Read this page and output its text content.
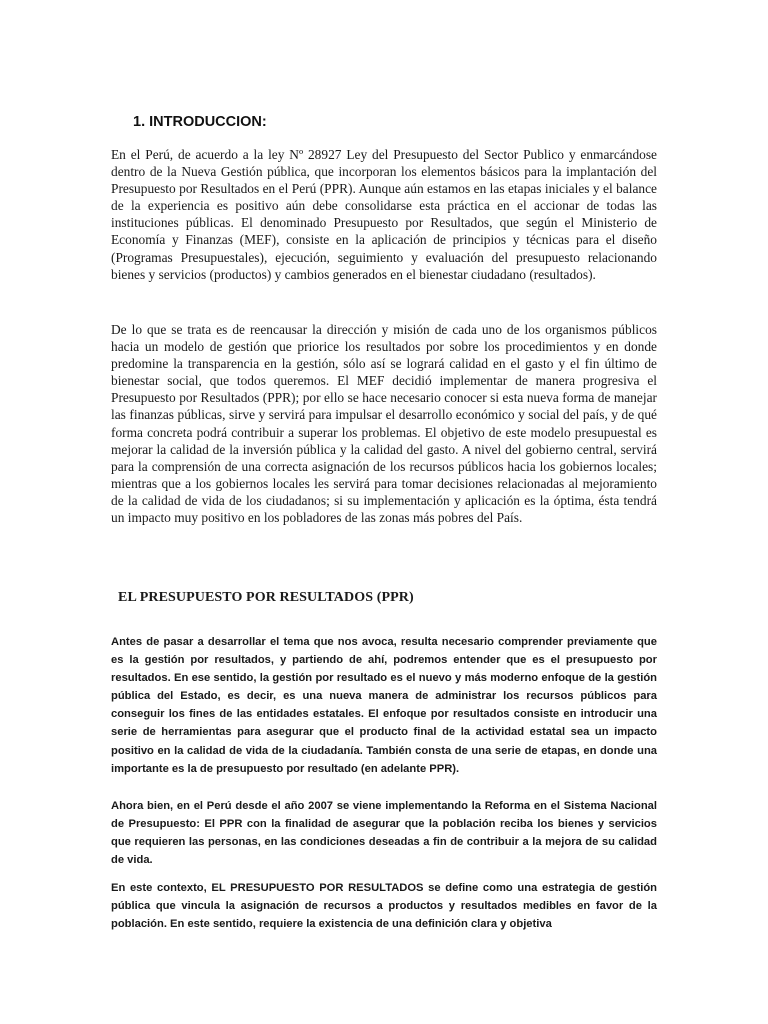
1. INTRODUCCION:

En el Perú, de acuerdo a la ley Nº 28927 Ley del Presupuesto del Sector Publico y enmarcándose dentro de la Nueva Gestión pública, que incorporan los elementos básicos para la implantación del Presupuesto por Resultados en el Perú (PPR). Aunque aún estamos en las etapas iniciales y el balance de la experiencia es positivo aún debe consolidarse esta práctica en el accionar de todas las instituciones públicas. El denominado Presupuesto por Resultados, que según el Ministerio de Economía y Finanzas (MEF), consiste en la aplicación de principios y técnicas para el diseño (Programas Presupuestales), ejecución, seguimiento y evaluación del presupuesto relacionando bienes y servicios (productos) y cambios generados en el bienestar ciudadano (resultados).

De lo que se trata es de reencausar la dirección y misión de cada uno de los organismos públicos hacia un modelo de gestión que priorice los resultados por sobre los procedimientos y en donde predomine la transparencia en la gestión, sólo así se logrará calidad en el gasto y el fin último de bienestar social, que todos queremos. El MEF decidió implementar de manera progresiva el Presupuesto por Resultados (PPR); por ello se hace necesario conocer si esta nueva forma de manejar las finanzas públicas, sirve y servirá para impulsar el desarrollo económico y social del país, y de qué forma concreta podrá contribuir a superar los problemas. El objetivo de este modelo presupuestal es mejorar la calidad de la inversión pública y la calidad del gasto. A nivel del gobierno central, servirá para la comprensión de una correcta asignación de los recursos públicos hacia los gobiernos locales; mientras que a los gobiernos locales les servirá para tomar decisiones relacionadas al mejoramiento de la calidad de vida de los ciudadanos; si su implementación y aplicación es la óptima, ésta tendrá un impacto muy positivo en los pobladores de las zonas más pobres del País.

EL PRESUPUESTO POR RESULTADOS (PPR)

Antes de pasar a desarrollar el tema que nos avoca, resulta necesario comprender previamente que es la gestión por resultados, y partiendo de ahí, podremos entender que es el presupuesto por resultados. En ese sentido, la gestión por resultado es el nuevo y más moderno enfoque de la gestión pública del Estado, es decir, es una nueva manera de administrar los recursos públicos para conseguir los fines de las entidades estatales. El enfoque por resultados consiste en introducir una serie de herramientas para asegurar que el producto final de la actividad estatal sea un impacto positivo en la calidad de vida de la ciudadanía. También consta de una serie de etapas, en donde una importante es la de presupuesto por resultado (en adelante PPR).

Ahora bien, en el Perú desde el año 2007 se viene implementando la Reforma en el Sistema Nacional de Presupuesto: El PPR con la finalidad de asegurar que la población reciba los bienes y servicios que requieren las personas, en las condiciones deseadas a fin de contribuir a la mejora de su calidad de vida.

En este contexto, EL PRESUPUESTO POR RESULTADOS se define como una estrategia de gestión pública que vincula la asignación de recursos a productos y resultados medibles en favor de la población. En este sentido, requiere la existencia de una definición clara y objetiva
